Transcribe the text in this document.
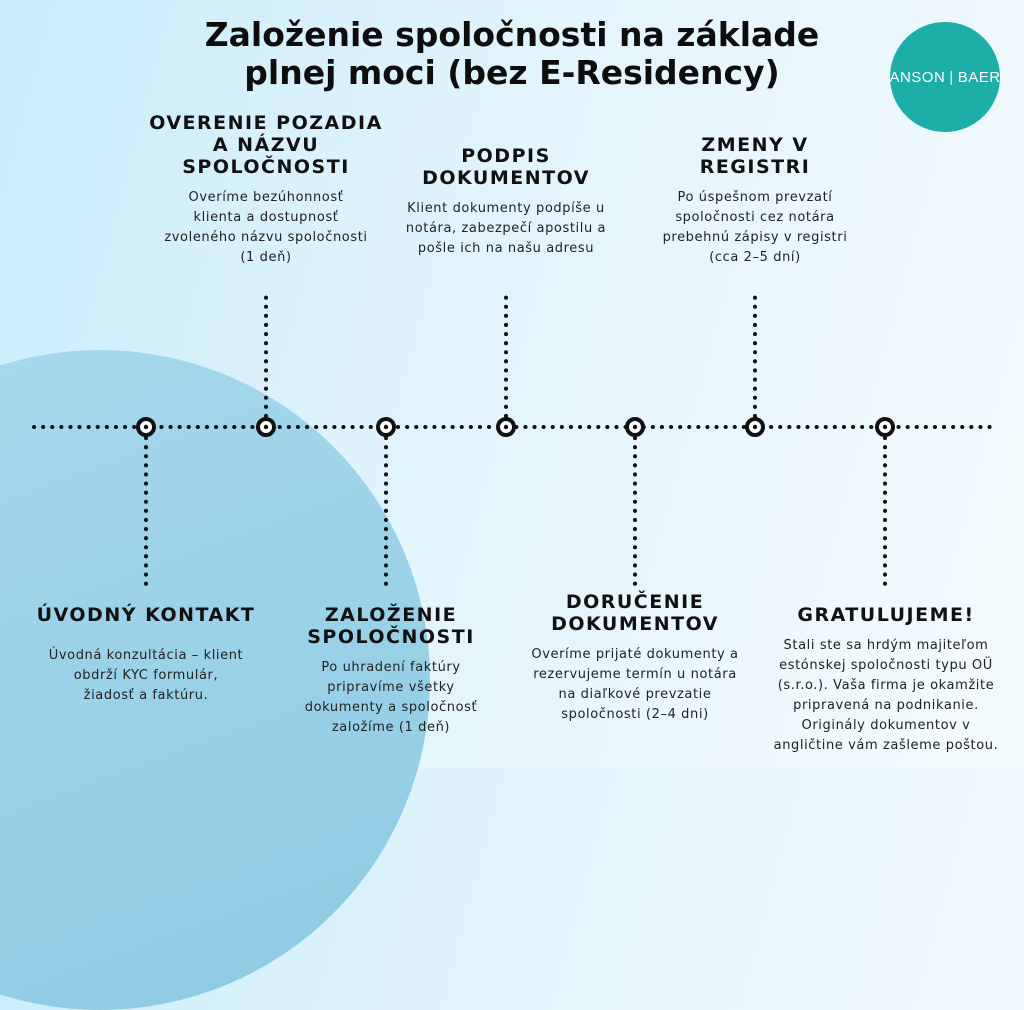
Založenie spoločnosti na základe
plnej moci (bez E-Residency)	ANSON | BAER
OVERENIE POZADIA
A NÁZVU
SPOLOČNOSTI
Overíme bezúhonnosť
klienta a dostupnosť
zvoleného názvu spoločnosti
(1 deň)
PODPIS
DOKUMENTOV
Klient dokumenty podpíše u
notára, zabezpečí apostilu a
pošle ich na našu adresu
ZMENY V
REGISTRI
Po úspešnom prevzatí
spoločnosti cez notára
prebehnú zápisy v registri
(cca 2–5 dní)
ÚVODNÝ KONTAKT
Úvodná konzultácia – klient
obdrží KYC formulár,
žiadosť a faktúru.
ZALOŽENIE
SPOLOČNOSTI
Po uhradení faktúry
pripravíme všetky
dokumenty a spoločnosť
založíme (1 deň)
DORUČENIE
DOKUMENTOV
Overíme prijaté dokumenty a
rezervujeme termín u notára
na diaľkové prevzatie
spoločnosti (2–4 dni)
GRATULUJEME!
Stali ste sa hrdým majiteľom
estónskej spoločnosti typu OÜ
(s.r.o.). Vaša firma je okamžite
pripravená na podnikanie.
Originály dokumentov v
angličtine vám zašleme poštou.
